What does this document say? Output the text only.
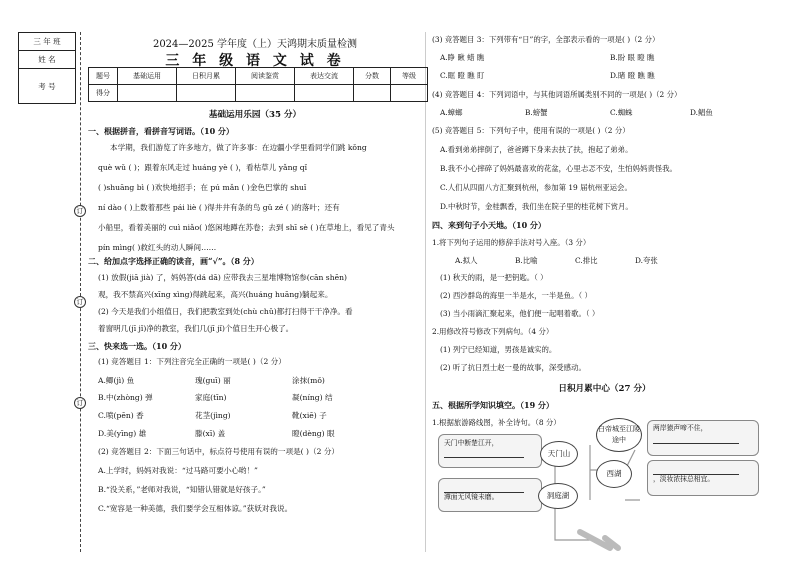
三 年 班
姓 名
考 号
订
订
订
2024—2025 学年度（上）天鸿期末质量检测
三 年 级 语 文 试 卷
题号	基础运用	日积月累	阅读鉴赏	表达交流	分数	等级
得分						
基础运用乐园（35 分）
一、根据拼音，看拼音写词语。（10 分）
本学期，我们游览了许多地方，做了许多事：在边疆小学里看同学们跳 kǒng
què wǔ ( )；跟着东风走过 huáng yè ( )，看枯草儿 yǎng qǐ
( )shuāng bì ( )欢快地招手；在 pú mǎn ( )金色巴掌的 shuǐ
ní dào ( )上数着那些 pái liè ( )得井井有条的鸟 gǔ zé ( )的落叶；还有
小船里，看着美丽的 cuì niǎo( )悠闲地蹲在苏卷；去到 shī sè ( )在草地上，看见了青头
pín mìng( )救红头的动人瞬间……
二、给加点字选择正确的读音，画“√”。（8 分）
(1) 放假(jiā jià) 了，妈妈答(dá dā) 应带我去三星堆博物馆参(cān shēn)
观，我不禁高兴(xīng xìng)得跳起来，高兴(huáng huāng)躺起来。
(2) 今天是我们小组值日，我们把教室到处(chù chǔ)都打扫得干干净净。看
着窗明几(jī jǐ)净的教室，我们几(jī jǐ)个值日生开心极了。
三、快来选一选。（10 分）
(1) 竞答题目 1：下列注音完全正确的一项是( )（2 分）
A.鲫(jì) 鱼	瑰(guī) 丽	涂抹(mǒ)
B.中(zhòng) 弹	家庭(tīn)	凝(níng) 结
C.喷(pēn) 香	花茎(jìng)	靴(xiē) 子
D.美(yīng) 雄	滕(xī) 盖	瞪(dèng) 眼
(2) 竞答题目 2：下面三句话中，标点符号使用有误的一项是( )（2 分）
A.上学时，妈妈对我说：“过马路可要小心哟！”
B.“没关系，”老师对我说，“知错认错就是好孩子。”
C.“宽容是一种美德，我们要学会互相体谅。”获妖对我说。
(3) 竞答题目 3：下列带有“日”的字，全部表示看的一项是( )（2 分）
A.睁 瞅 蜡 瞧	B.盼 眼 瞪 瞧
C.眶 瞪 瞧 盯	D.睹 瞪 瞧 瞧
(4) 竞答题目 4：下列词语中，与其他词语所属类别不同的一项是( )（2 分）
A.蟑螂	B.螃蟹	C.蜘蛛	D.鲳鱼
(5) 竞答题目 5：下列句子中，使用有误的一项是( )（2 分）
A.看到弟弟摔倒了，爸爸蹲下身来去扶了扶，抱起了弟弟。
B.我不小心摔碎了妈妈最喜欢的花盆，心里忐忑不安，生怕妈妈责怪我。
C.人们从四面八方汇聚到杭州，参加第 19 届杭州亚运会。
D.中秋时节，金桂飘香，我们坐在院子里的桂花树下赏月。
四、来到句子小天地。（10 分）
1.将下列句子运用的修辞手法对号入座。（3 分）
A.拟人	B.比喻	C.排比	D.夸张
(1) 秋天的雨，是一把钥匙。（ ）
(2) 西沙群岛的海里一半是水，一半是鱼。（ ）
(3) 当小雨滴汇聚起来，他们便一起唱着歌。（ ）
2.用修改符号修改下列病句。（4 分）
(1) 列宁已经知道，男孩是诚实的。
(2) 听了抗日烈士赵一曼的故事，深受感动。
日积月累中心（27 分）
五、根据所学知识填空。（19 分）
1.根据旅游路线图，补全诗句。（8 分）
天门中断楚江开，
潭面无风镜未磨。
天门山
洞庭湖
白帝城至江陵途中
西湖
两岸猿声啼不住，
，淡妆浓抹总相宜。
